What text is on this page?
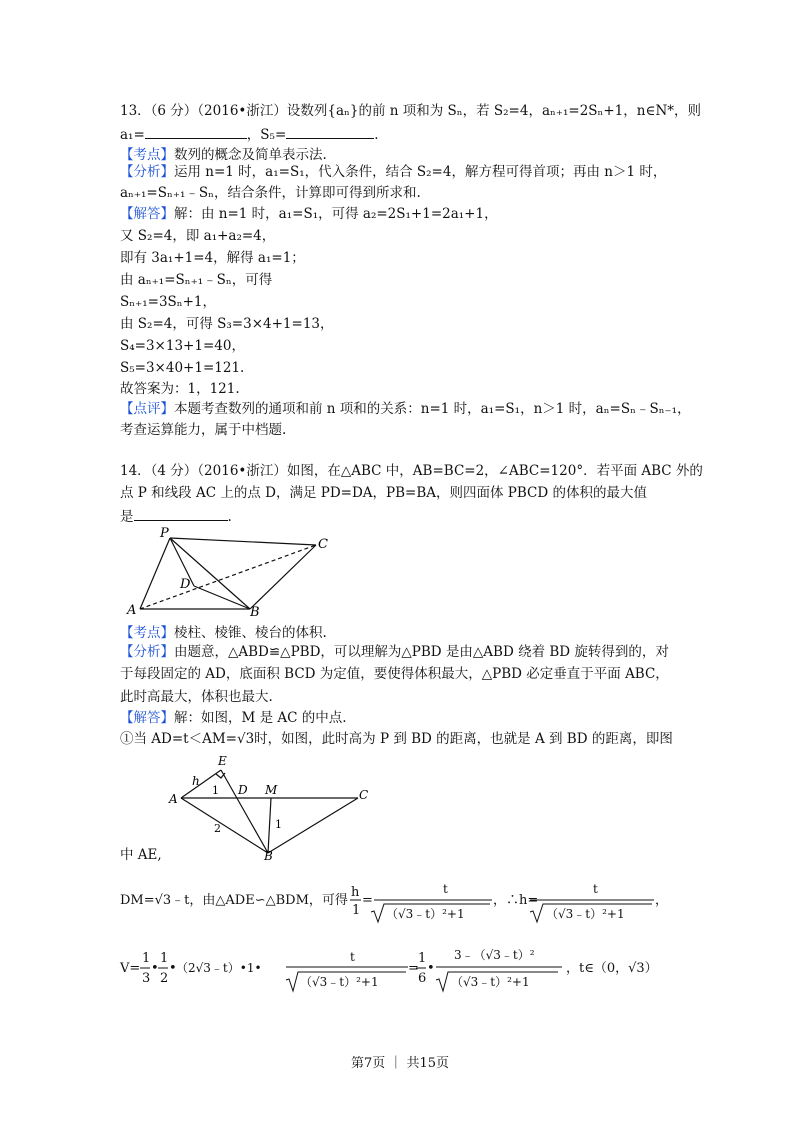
13．（6 分）（2016•浙江）设数列{aₙ}的前 n 项和为 Sₙ，若 S₂=4，aₙ₊₁=2Sₙ+1，n∈N*，则
a₁=	，S₅=	.
【考点】数列的概念及简单表示法.
【分析】运用 n=1 时，a₁=S₁，代入条件，结合 S₂=4，解方程可得首项；再由 n＞1 时，
aₙ₊₁=Sₙ₊₁﹣Sₙ，结合条件，计算即可得到所求和.
【解答】解：由 n=1 时，a₁=S₁，可得 a₂=2S₁+1=2a₁+1，
又 S₂=4，即 a₁+a₂=4，
即有 3a₁+1=4，解得 a₁=1；
由 aₙ₊₁=Sₙ₊₁﹣Sₙ，可得
Sₙ₊₁=3Sₙ+1，
由 S₂=4，可得 S₃=3×4+1=13，
S₄=3×13+1=40，
S₅=3×40+1=121.
故答案为：1，121.
【点评】本题考查数列的通项和前 n 项和的关系：n=1 时，a₁=S₁，n＞1 时，aₙ=Sₙ﹣Sₙ₋₁，
考查运算能力，属于中档题.
14．（4 分）（2016•浙江）如图，在△ABC 中，AB=BC=2，∠ABC=120°．若平面 ABC 外的
点 P 和线段 AC 上的点 D，满足 PD=DA，PB=BA，则四面体 PBCD 的体积的最大值
是	.
P
C
D
A	B
【考点】棱柱、棱锥、棱台的体积.
【分析】由题意，△ABD≌△PBD，可以理解为△PBD 是由△ABD 绕着 BD 旋转得到的，对
于每段固定的 AD，底面积 BCD 为定值，要使得体积最大，△PBD 必定垂直于平面 ABC，
此时高最大，体积也最大.
【解答】解：如图，M 是 AC 的中点.
①当 AD=t＜AM=√3时，如图，此时高为 P 到 BD 的距离，也就是 A 到 BD 的距离，即图
E
h
A
D M	C
1
1
2
B
中 AE,
DM=√3﹣t，由△ADE∽△BDM，可得
h
1
=
t
（√3﹣t）²+1
，∴h=
t
（√3﹣t）²+1
，
V=
1
3
•
1
2
• （2√3﹣t）•1•
t
（√3﹣t）²+1
=
1
6
•
3﹣（√3﹣t）²
（√3﹣t）²+1
，t∈（0，√3）
第7页 ｜ 共15页
